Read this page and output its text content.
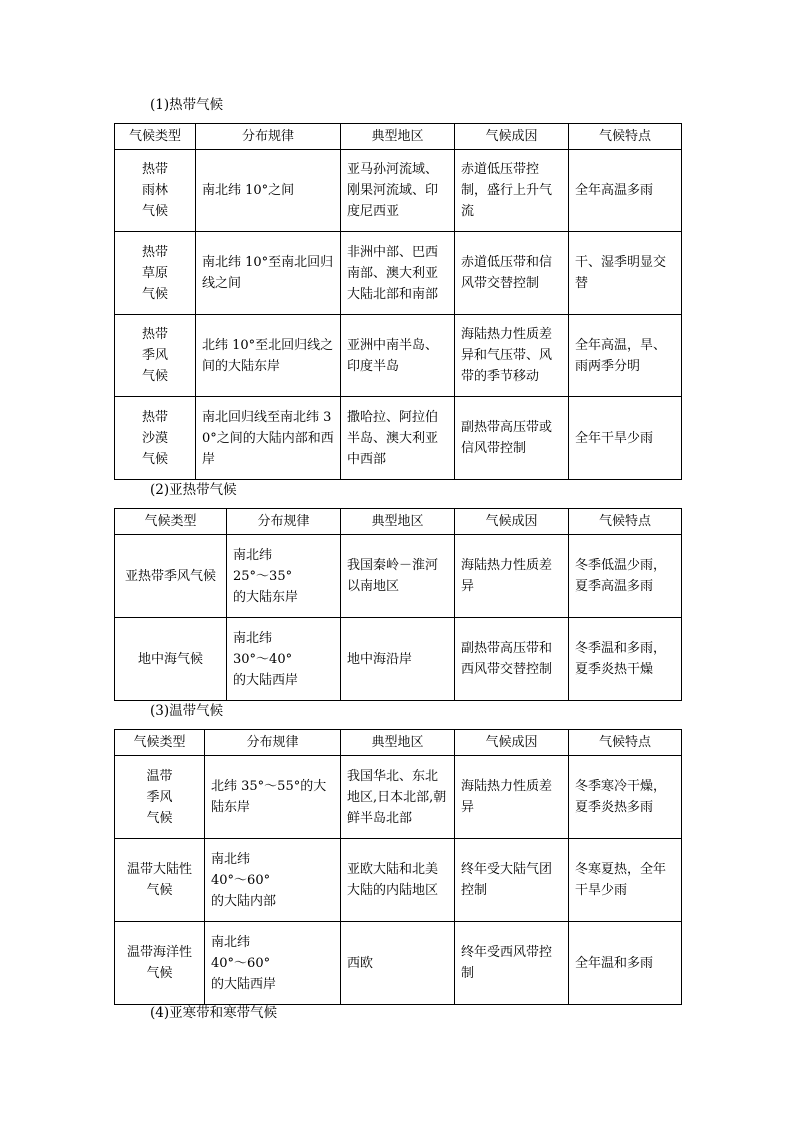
(1)热带气候
气候类型	分布规律	典型地区	气候成因	气候特点
热带
雨林
气候	南北纬 10°之间	亚马孙河流域、刚果河流域、印度尼西亚	赤道低压带控制，盛行上升气流	全年高温多雨
热带
草原
气候	南北纬 10°至南北回归线之间	非洲中部、巴西南部、澳大利亚大陆北部和南部	赤道低压带和信风带交替控制	干、湿季明显交替
热带
季风
气候	北纬 10°至北回归线之间的大陆东岸	亚洲中南半岛、印度半岛	海陆热力性质差异和气压带、风带的季节移动	全年高温，旱、雨两季分明
热带
沙漠
气候	南北回归线至南北纬 30°之间的大陆内部和西岸	撒哈拉、阿拉伯半岛、澳大利亚中西部	副热带高压带或信风带控制	全年干旱少雨
(2)亚热带气候
气候类型	分布规律	典型地区	气候成因	气候特点
亚热带季风气候	南北纬
25°～35°
的大陆东岸	我国秦岭－淮河以南地区	海陆热力性质差异	冬季低温少雨，夏季高温多雨
地中海气候	南北纬
30°～40°
的大陆西岸	地中海沿岸	副热带高压带和西风带交替控制	冬季温和多雨，夏季炎热干燥
(3)温带气候
气候类型	分布规律	典型地区	气候成因	气候特点
温带
季风
气候	北纬 35°～55°的大陆东岸	我国华北、东北地区,日本北部,朝鲜半岛北部	海陆热力性质差异	冬季寒冷干燥，夏季炎热多雨
温带大陆性气候	南北纬
40°～60°
的大陆内部	亚欧大陆和北美大陆的内陆地区	终年受大陆气团控制	冬寒夏热，全年干旱少雨
温带海洋性气候	南北纬
40°～60°
的大陆西岸	西欧	终年受西风带控制	全年温和多雨
(4)亚寒带和寒带气候
